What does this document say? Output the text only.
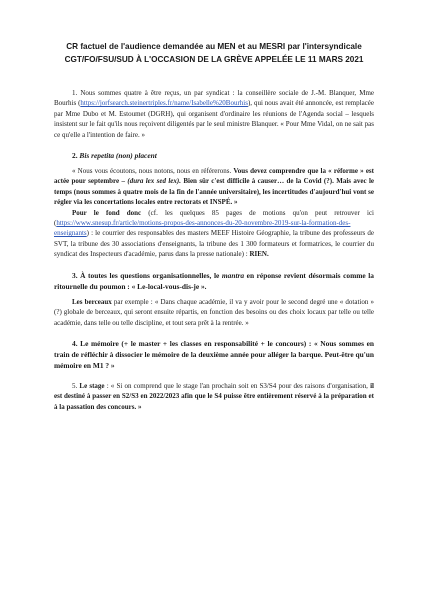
CR factuel de l'audience demandée au MEN et au MESRI par l'intersyndicale
CGT/FO/FSU/SUD À L'OCCASION DE LA GRÈVE APPELÉE LE 11 MARS 2021

1. Nous sommes quatre à être reçus, un par syndicat : la conseillère sociale de J.-M. Blanquer, Mme Bourhis (https://jorfsearch.steinertriples.fr/name/Isabelle%20Bourhis), qui nous avait été annoncée, est remplacée par Mme Dubo et M. Estoumet (DGRH), qui organisent d'ordinaire les réunions de l'Agenda social – lesquels insistent sur le fait qu'ils nous reçoivent diligentés par le seul ministre Blanquer. « Pour Mme Vidal, on ne sait pas ce qu'elle a l'intention de faire. »

2. Bis repetita (non) placent

« Nous vous écoutons, nous notons, nous en référerons. Vous devez comprendre que la « réforme » est actée pour septembre – (dura lex sed lex). Bien sûr c'est difficile à causer… de la Covid (?). Mais avec le temps (nous sommes à quatre mois de la fin de l'année universitaire), les incertitudes d'aujourd'hui vont se régler via les concertations locales entre rectorats et INSPÉ. »

Pour le fond donc (cf. les quelques 85 pages de motions qu'on peut retrouver ici (https://www.snesup.fr/article/motions-propos-des-annonces-du-20-novembre-2019-sur-la-formation-des-enseignants) : le courrier des responsables des masters MEEF Histoire Géographie, la tribune des professeurs de SVT, la tribune des 30 associations d'enseignants, la tribune des 1 300 formateurs et formatrices, le courrier du syndicat des Inspecteurs d'académie, parus dans la presse nationale) : RIEN.

3. À toutes les questions organisationnelles, le mantra en réponse revient désormais comme la ritournelle du poumon : « Le-local-vous-dis-je ».

Les berceaux par exemple : « Dans chaque académie, il va y avoir pour le second degré une « dotation » (?) globale de berceaux, qui seront ensuite répartis, en fonction des besoins ou des choix locaux par telle ou telle académie, dans telle ou telle discipline, et tout sera prêt à la rentrée. »

4. Le mémoire (+ le master + les classes en responsabilité + le concours) : « Nous sommes en train de réfléchir à dissocier le mémoire de la deuxième année pour alléger la barque. Peut-être qu'un mémoire en M1 ? »

5. Le stage : « Si on comprend que le stage l'an prochain soit en S3/S4 pour des raisons d'organisation, il est destiné à passer en S2/S3 en 2022/2023 afin que le S4 puisse être entièrement réservé à la préparation et à la passation des concours. »
